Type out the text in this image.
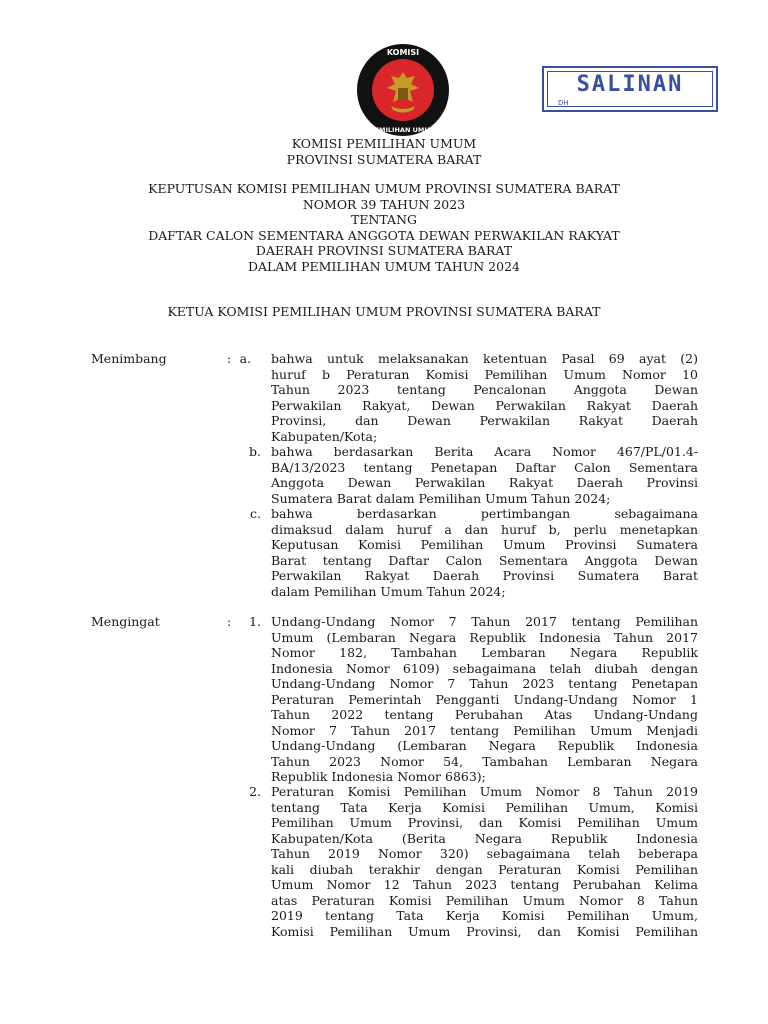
KOMISI
PEMILIHAN UMUM
SALINAN
DH
KOMISI PEMILIHAN UMUM
PROVINSI SUMATERA BARAT
KEPUTUSAN KOMISI PEMILIHAN UMUM PROVINSI SUMATERA BARAT
NOMOR 39 TAHUN 2023
TENTANG
DAFTAR CALON SEMENTARA ANGGOTA DEWAN PERWAKILAN RAKYAT
DAERAH PROVINSI SUMATERA BARAT
DALAM PEMILIHAN UMUM TAHUN 2024
KETUA KOMISI PEMILIHAN UMUM PROVINSI SUMATERA BARAT
Menimbang	: a. bahwa untuk melaksanakan ketentuan Pasal 69 ayat (2)
huruf b Peraturan Komisi Pemilihan Umum Nomor 10
Tahun 2023 tentang Pencalonan Anggota Dewan
Perwakilan Rakyat, Dewan Perwakilan Rakyat Daerah
Provinsi, dan Dewan Perwakilan Rakyat Daerah
Kabupaten/Kota;
b. bahwa berdasarkan Berita Acara Nomor 467/PL/01.4-
BA/13/2023 tentang Penetapan Daftar Calon Sementara
Anggota Dewan Perwakilan Rakyat Daerah Provinsi
Sumatera Barat dalam Pemilihan Umum Tahun 2024;
c. bahwa berdasarkan pertimbangan sebagaimana
dimaksud dalam huruf a dan huruf b, perlu menetapkan
Keputusan Komisi Pemilihan Umum Provinsi Sumatera
Barat tentang Daftar Calon Sementara Anggota Dewan
Perwakilan Rakyat Daerah Provinsi Sumatera Barat
dalam Pemilihan Umum Tahun 2024;
Mengingat	:	1. Undang-Undang Nomor 7 Tahun 2017 tentang Pemilihan
Umum (Lembaran Negara Republik Indonesia Tahun 2017
Nomor 182, Tambahan Lembaran Negara Republik
Indonesia Nomor 6109) sebagaimana telah diubah dengan
Undang-Undang Nomor 7 Tahun 2023 tentang Penetapan
Peraturan Pemerintah Pengganti Undang-Undang Nomor 1
Tahun 2022 tentang Perubahan Atas Undang-Undang
Nomor 7 Tahun 2017 tentang Pemilihan Umum Menjadi
Undang-Undang (Lembaran Negara Republik Indonesia
Tahun 2023 Nomor 54, Tambahan Lembaran Negara
Republik Indonesia Nomor 6863);
2. Peraturan Komisi Pemilihan Umum Nomor 8 Tahun 2019
tentang Tata Kerja Komisi Pemilihan Umum, Komisi
Pemilihan Umum Provinsi, dan Komisi Pemilihan Umum
Kabupaten/Kota (Berita Negara Republik Indonesia
Tahun 2019 Nomor 320) sebagaimana telah beberapa
kali diubah terakhir dengan Peraturan Komisi Pemilihan
Umum Nomor 12 Tahun 2023 tentang Perubahan Kelima
atas Peraturan Komisi Pemilihan Umum Nomor 8 Tahun
2019 tentang Tata Kerja Komisi Pemilihan Umum,
Komisi Pemilihan Umum Provinsi, dan Komisi Pemilihan
